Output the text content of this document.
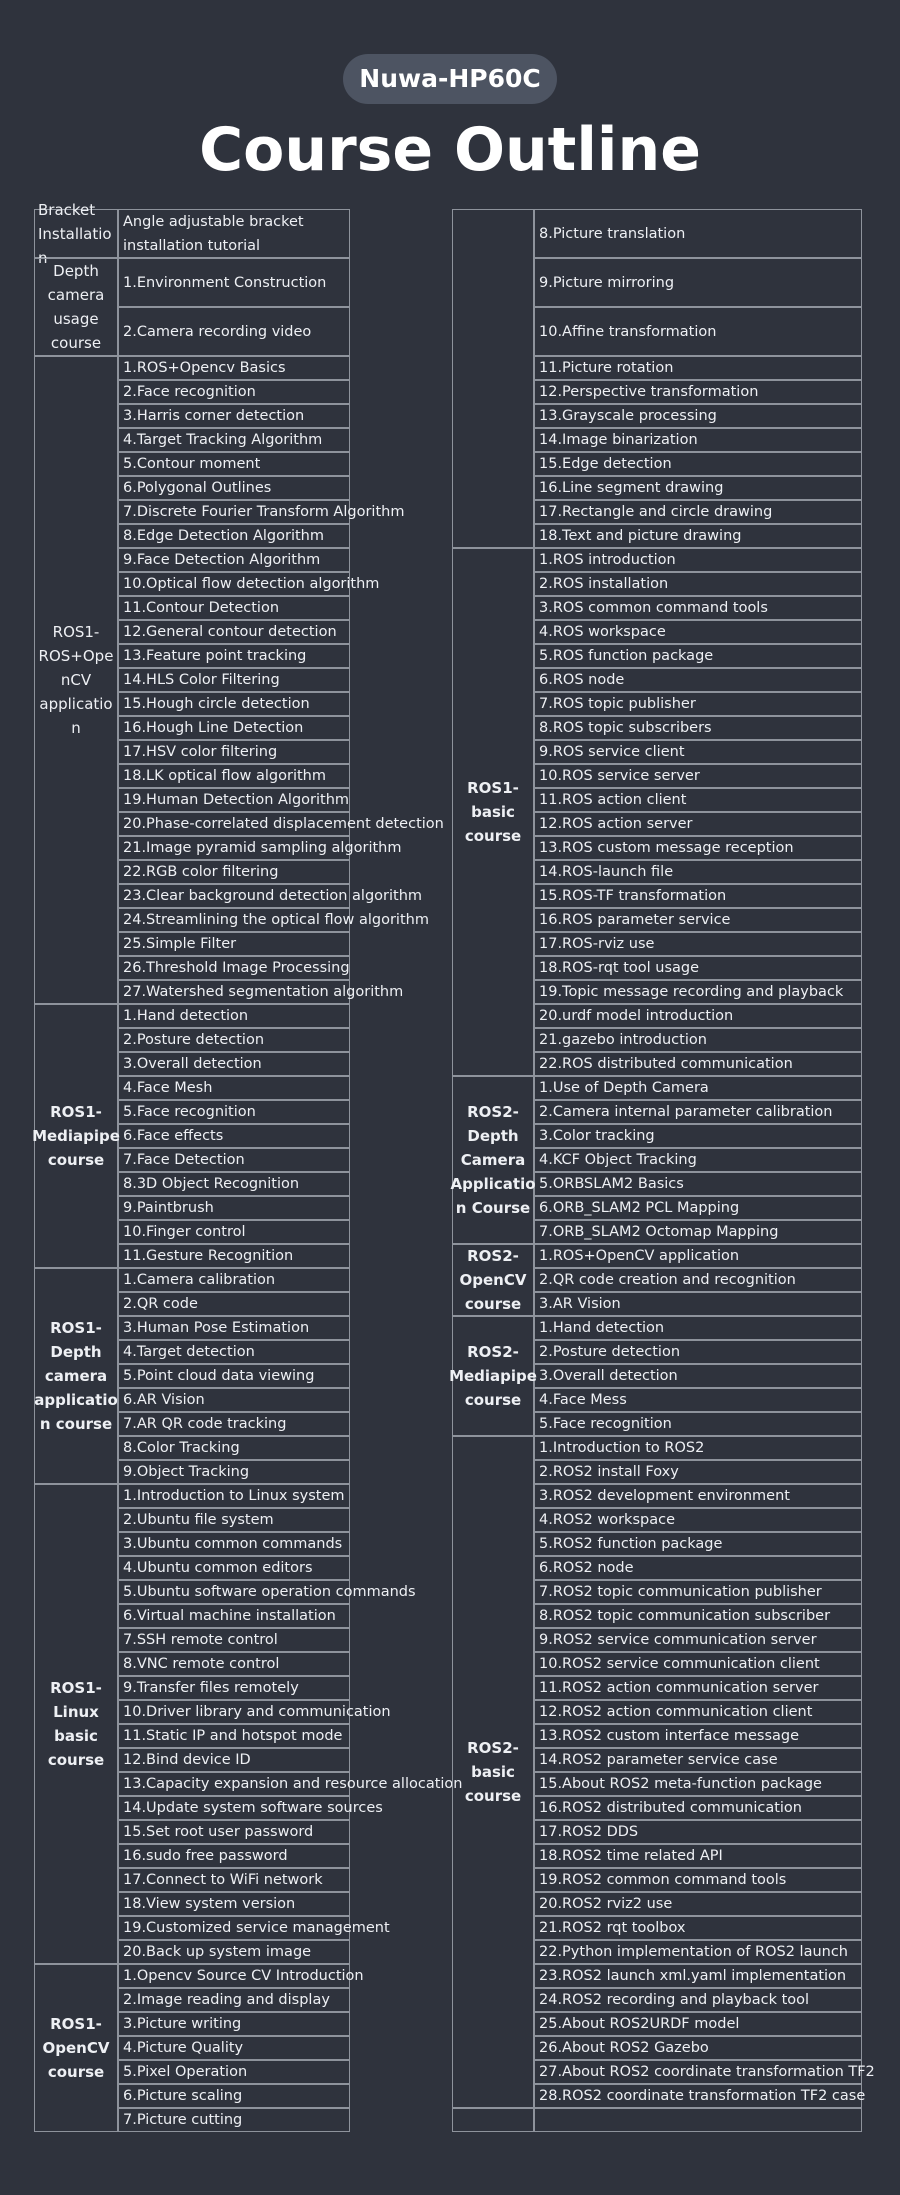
Nuwa-HP60C
Course Outline
Angle adjustable bracket installation tutorial
Bracket Installatio n
1.Environment Construction
2.Camera recording video
Depth camera usage course
1.ROS+Opencv Basics
2.Face recognition
3.Harris corner detection
4.Target Tracking Algorithm
5.Contour moment
6.Polygonal Outlines
7.Discrete Fourier Transform Algorithm
8.Edge Detection Algorithm
9.Face Detection Algorithm
10.Optical flow detection algorithm
11.Contour Detection
12.General contour detection
13.Feature point tracking
14.HLS Color Filtering
15.Hough circle detection
16.Hough Line Detection
17.HSV color filtering
18.LK optical flow algorithm
19.Human Detection Algorithm
20.Phase-correlated displacement detection
21.Image pyramid sampling algorithm
22.RGB color filtering
23.Clear background detection algorithm
24.Streamlining the optical flow algorithm
25.Simple Filter
26.Threshold Image Processing
27.Watershed segmentation algorithm
ROS1-ROS+Ope nCV applicatio n
1.Hand detection
2.Posture detection
3.Overall detection
4.Face Mesh
5.Face recognition
6.Face effects
7.Face Detection
8.3D Object Recognition
9.Paintbrush
10.Finger control
11.Gesture Recognition
ROS1-Mediapipe course
1.Camera calibration
2.QR code
3.Human Pose Estimation
4.Target detection
5.Point cloud data viewing
6.AR Vision
7.AR QR code tracking
8.Color Tracking
9.Object Tracking
ROS1-Depth camera applicatio n course
1.Introduction to Linux system
2.Ubuntu file system
3.Ubuntu common commands
4.Ubuntu common editors
5.Ubuntu software operation commands
6.Virtual machine installation
7.SSH remote control
8.VNC remote control
9.Transfer files remotely
10.Driver library and communication
11.Static IP and hotspot mode
12.Bind device ID
13.Capacity expansion and resource allocation
14.Update system software sources
15.Set root user password
16.sudo free password
17.Connect to WiFi network
18.View system version
19.Customized service management
20.Back up system image
ROS1-Linux basic course
1.Opencv Source CV Introduction
2.Image reading and display
3.Picture writing
4.Picture Quality
5.Pixel Operation
6.Picture scaling
7.Picture cutting
ROS1-OpenCV course
8.Picture translation
9.Picture mirroring
10.Affine transformation
11.Picture rotation
12.Perspective transformation
13.Grayscale processing
14.Image binarization
15.Edge detection
16.Line segment drawing
17.Rectangle and circle drawing
18.Text and picture drawing
1.ROS introduction
2.ROS installation
3.ROS common command tools
4.ROS workspace
5.ROS function package
6.ROS node
7.ROS topic publisher
8.ROS topic subscribers
9.ROS service client
10.ROS service server
11.ROS action client
12.ROS action server
13.ROS custom message reception
14.ROS-launch file
15.ROS-TF transformation
16.ROS parameter service
17.ROS-rviz use
18.ROS-rqt tool usage
19.Topic message recording and playback
20.urdf model introduction
21.gazebo introduction
22.ROS distributed communication
ROS1-basic course
1.Use of Depth Camera
2.Camera internal parameter calibration
3.Color tracking
4.KCF Object Tracking
5.ORBSLAM2 Basics
6.ORB_SLAM2 PCL Mapping
7.ORB_SLAM2 Octomap Mapping
ROS2-Depth Camera Applicatio n Course
1.ROS+OpenCV application
2.QR code creation and recognition
3.AR Vision
ROS2-OpenCV course
1.Hand detection
2.Posture detection
3.Overall detection
4.Face Mess
5.Face recognition
ROS2-Mediapipe course
1.Introduction to ROS2
2.ROS2 install Foxy
3.ROS2 development environment
4.ROS2 workspace
5.ROS2 function package
6.ROS2 node
7.ROS2 topic communication publisher
8.ROS2 topic communication subscriber
9.ROS2 service communication server
10.ROS2 service communication client
11.ROS2 action communication server
12.ROS2 action communication client
13.ROS2 custom interface message
14.ROS2 parameter service case
15.About ROS2 meta-function package
16.ROS2 distributed communication
17.ROS2 DDS
18.ROS2 time related API
19.ROS2 common command tools
20.ROS2 rviz2 use
21.ROS2 rqt toolbox
22.Python implementation of ROS2 launch
23.ROS2 launch xml.yaml implementation
24.ROS2 recording and playback tool
25.About ROS2URDF model
26.About ROS2 Gazebo
27.About ROS2 coordinate transformation TF2
28.ROS2 coordinate transformation TF2 case
ROS2-basic course
